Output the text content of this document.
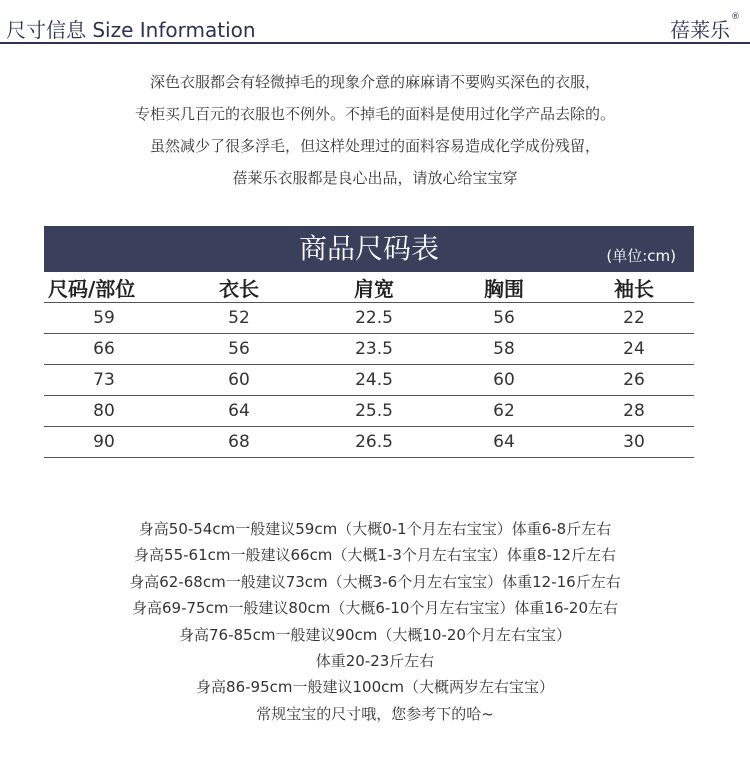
尺寸信息 Size Information	蓓莱乐®
深色衣服都会有轻微掉毛的现象介意的麻麻请不要购买深色的衣服，
专柜买几百元的衣服也不例外。不掉毛的面料是使用过化学产品去除的。
虽然减少了很多浮毛，但这样处理过的面料容易造成化学成份残留，
蓓莱乐衣服都是良心出品，请放心给宝宝穿
商品尺码表	(单位:cm)
尺码/部位	衣长	肩宽	胸围	袖长
59	52	22.5	56	22
66	56	23.5	58	24
73	60	24.5	60	26
80	64	25.5	62	28
90	68	26.5	64	30
身高50-54cm一般建议59cm（大概0-1个月左右宝宝）体重6-8斤左右
身高55-61cm一般建议66cm（大概1-3个月左右宝宝）体重8-12斤左右
身高62-68cm一般建议73cm（大概3-6个月左右宝宝）体重12-16斤左右
身高69-75cm一般建议80cm（大概6-10个月左右宝宝）体重16-20左右
身高76-85cm一般建议90cm（大概10-20个月左右宝宝）
体重20-23斤左右
身高86-95cm一般建议100cm（大概两岁左右宝宝）
常规宝宝的尺寸哦，您参考下的哈~
